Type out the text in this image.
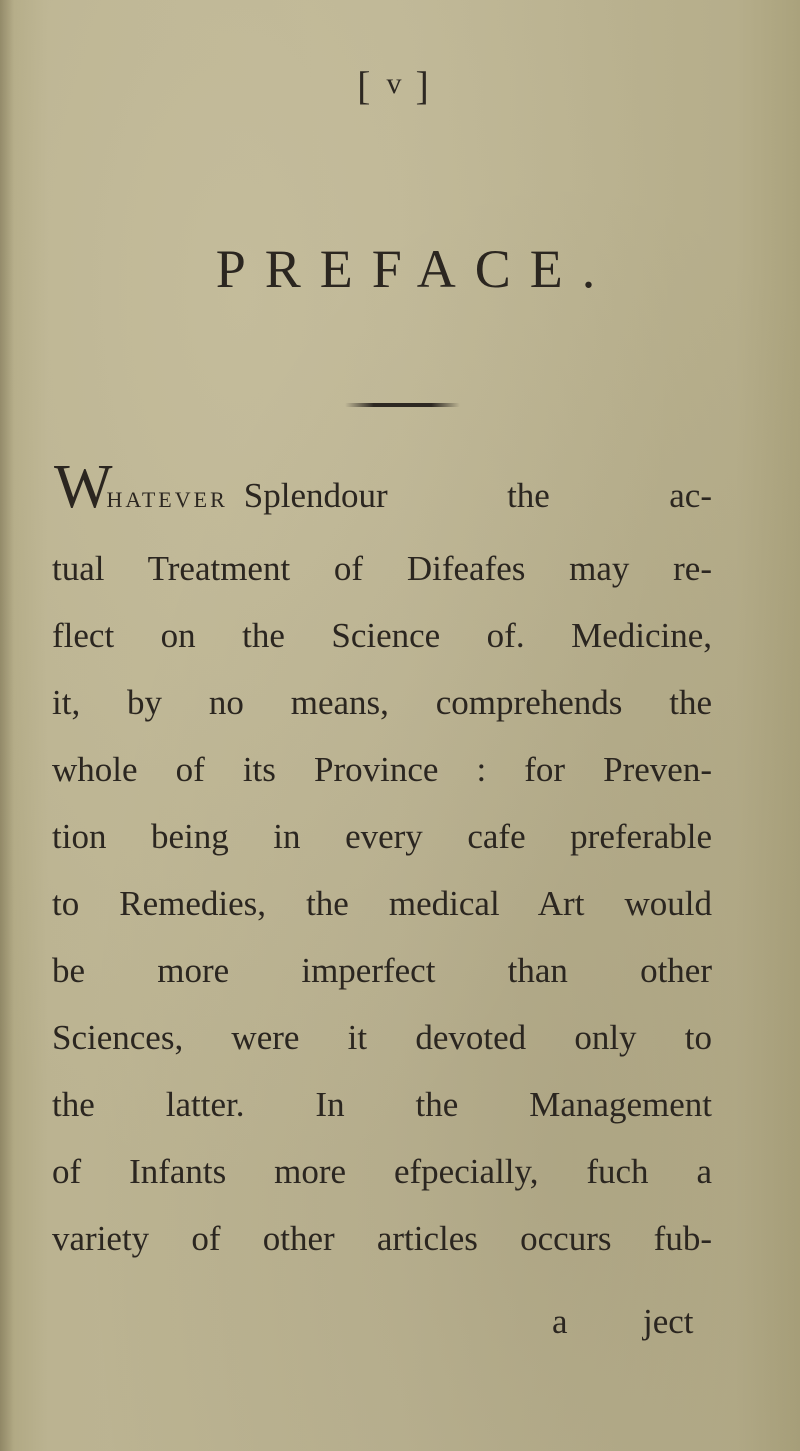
[v ]
PREFACE.
WHATEVER Splendour the ac-
tual Treatment of Difeafes may re-
flect on the Science of. Medicine,
it, by no means, comprehends the
whole of its Province : for Preven-
tion being in every cafe preferable
to Remedies, the medical Art would
be more imperfect than other
Sciences, were it devoted only to
the latter. In the Management
of Infants more efpecially, fuch a
variety of other articles occurs fub-
a ject
